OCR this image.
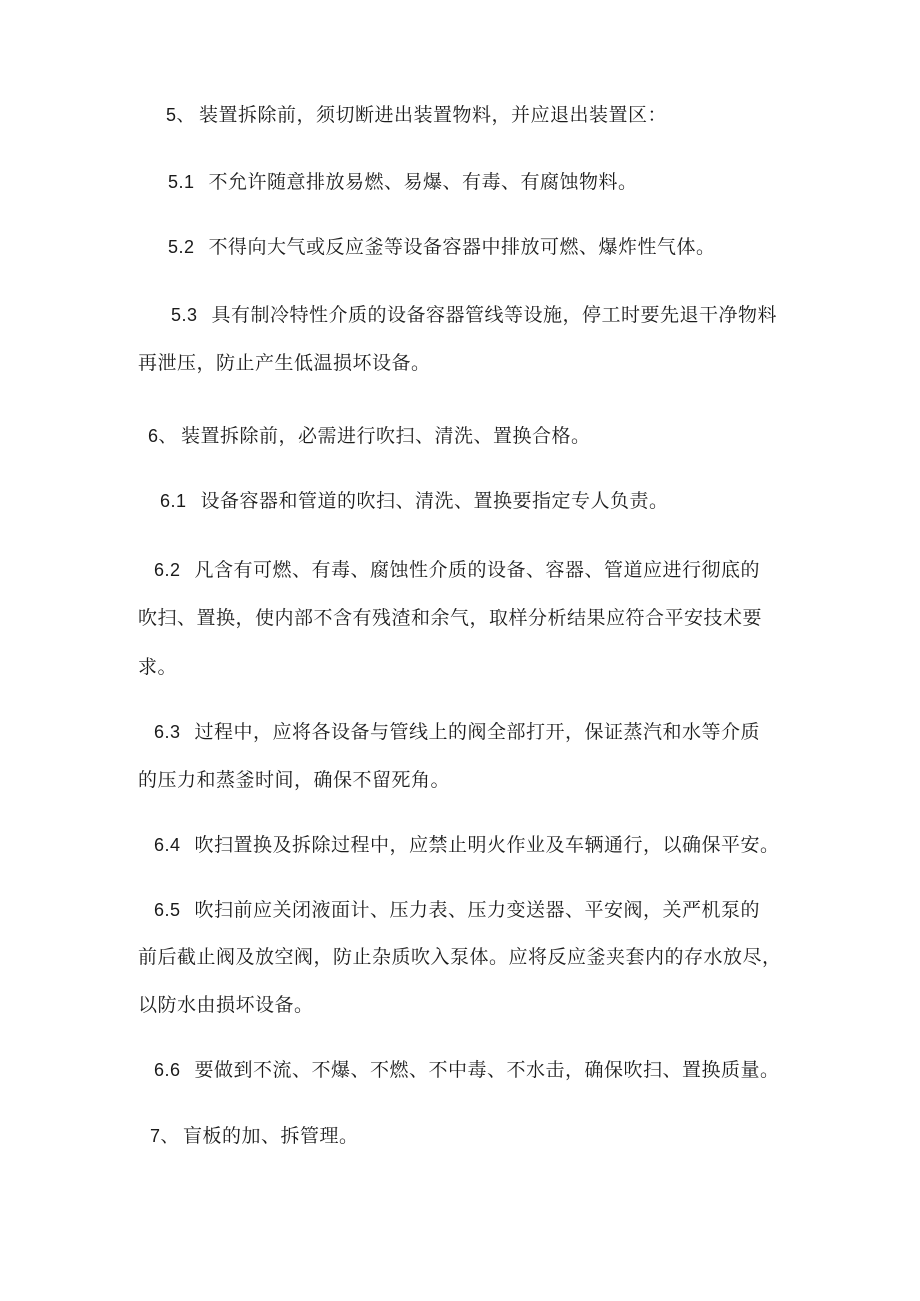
5、 装置拆除前，须切断进出装置物料，并应退出装置区：
5.1 不允许随意排放易燃、易爆、有毒、有腐蚀物料。
5.2 不得向大气或反应釜等设备容器中排放可燃、爆炸性气体。
5.3 具有制冷特性介质的设备容器管线等设施，停工时要先退干净物料
再泄压，防止产生低温损坏设备。
6、 装置拆除前，必需进行吹扫、清洗、置换合格。
6.1 设备容器和管道的吹扫、清洗、置换要指定专人负责。
6.2 凡含有可燃、有毒、腐蚀性介质的设备、容器、管道应进行彻底的
吹扫、置换，使内部不含有残渣和余气，取样分析结果应符合平安技术要
求。
6.3 过程中，应将各设备与管线上的阀全部打开，保证蒸汽和水等介质
的压力和蒸釜时间，确保不留死角。
6.4 吹扫置换及拆除过程中，应禁止明火作业及车辆通行，以确保平安。
6.5 吹扫前应关闭液面计、压力表、压力变送器、平安阀，关严机泵的
前后截止阀及放空阀，防止杂质吹入泵体。应将反应釜夹套内的存水放尽，
以防水由损坏设备。
6.6 要做到不流、不爆、不燃、不中毒、不水击，确保吹扫、置换质量。
7、 盲板的加、拆管理。
